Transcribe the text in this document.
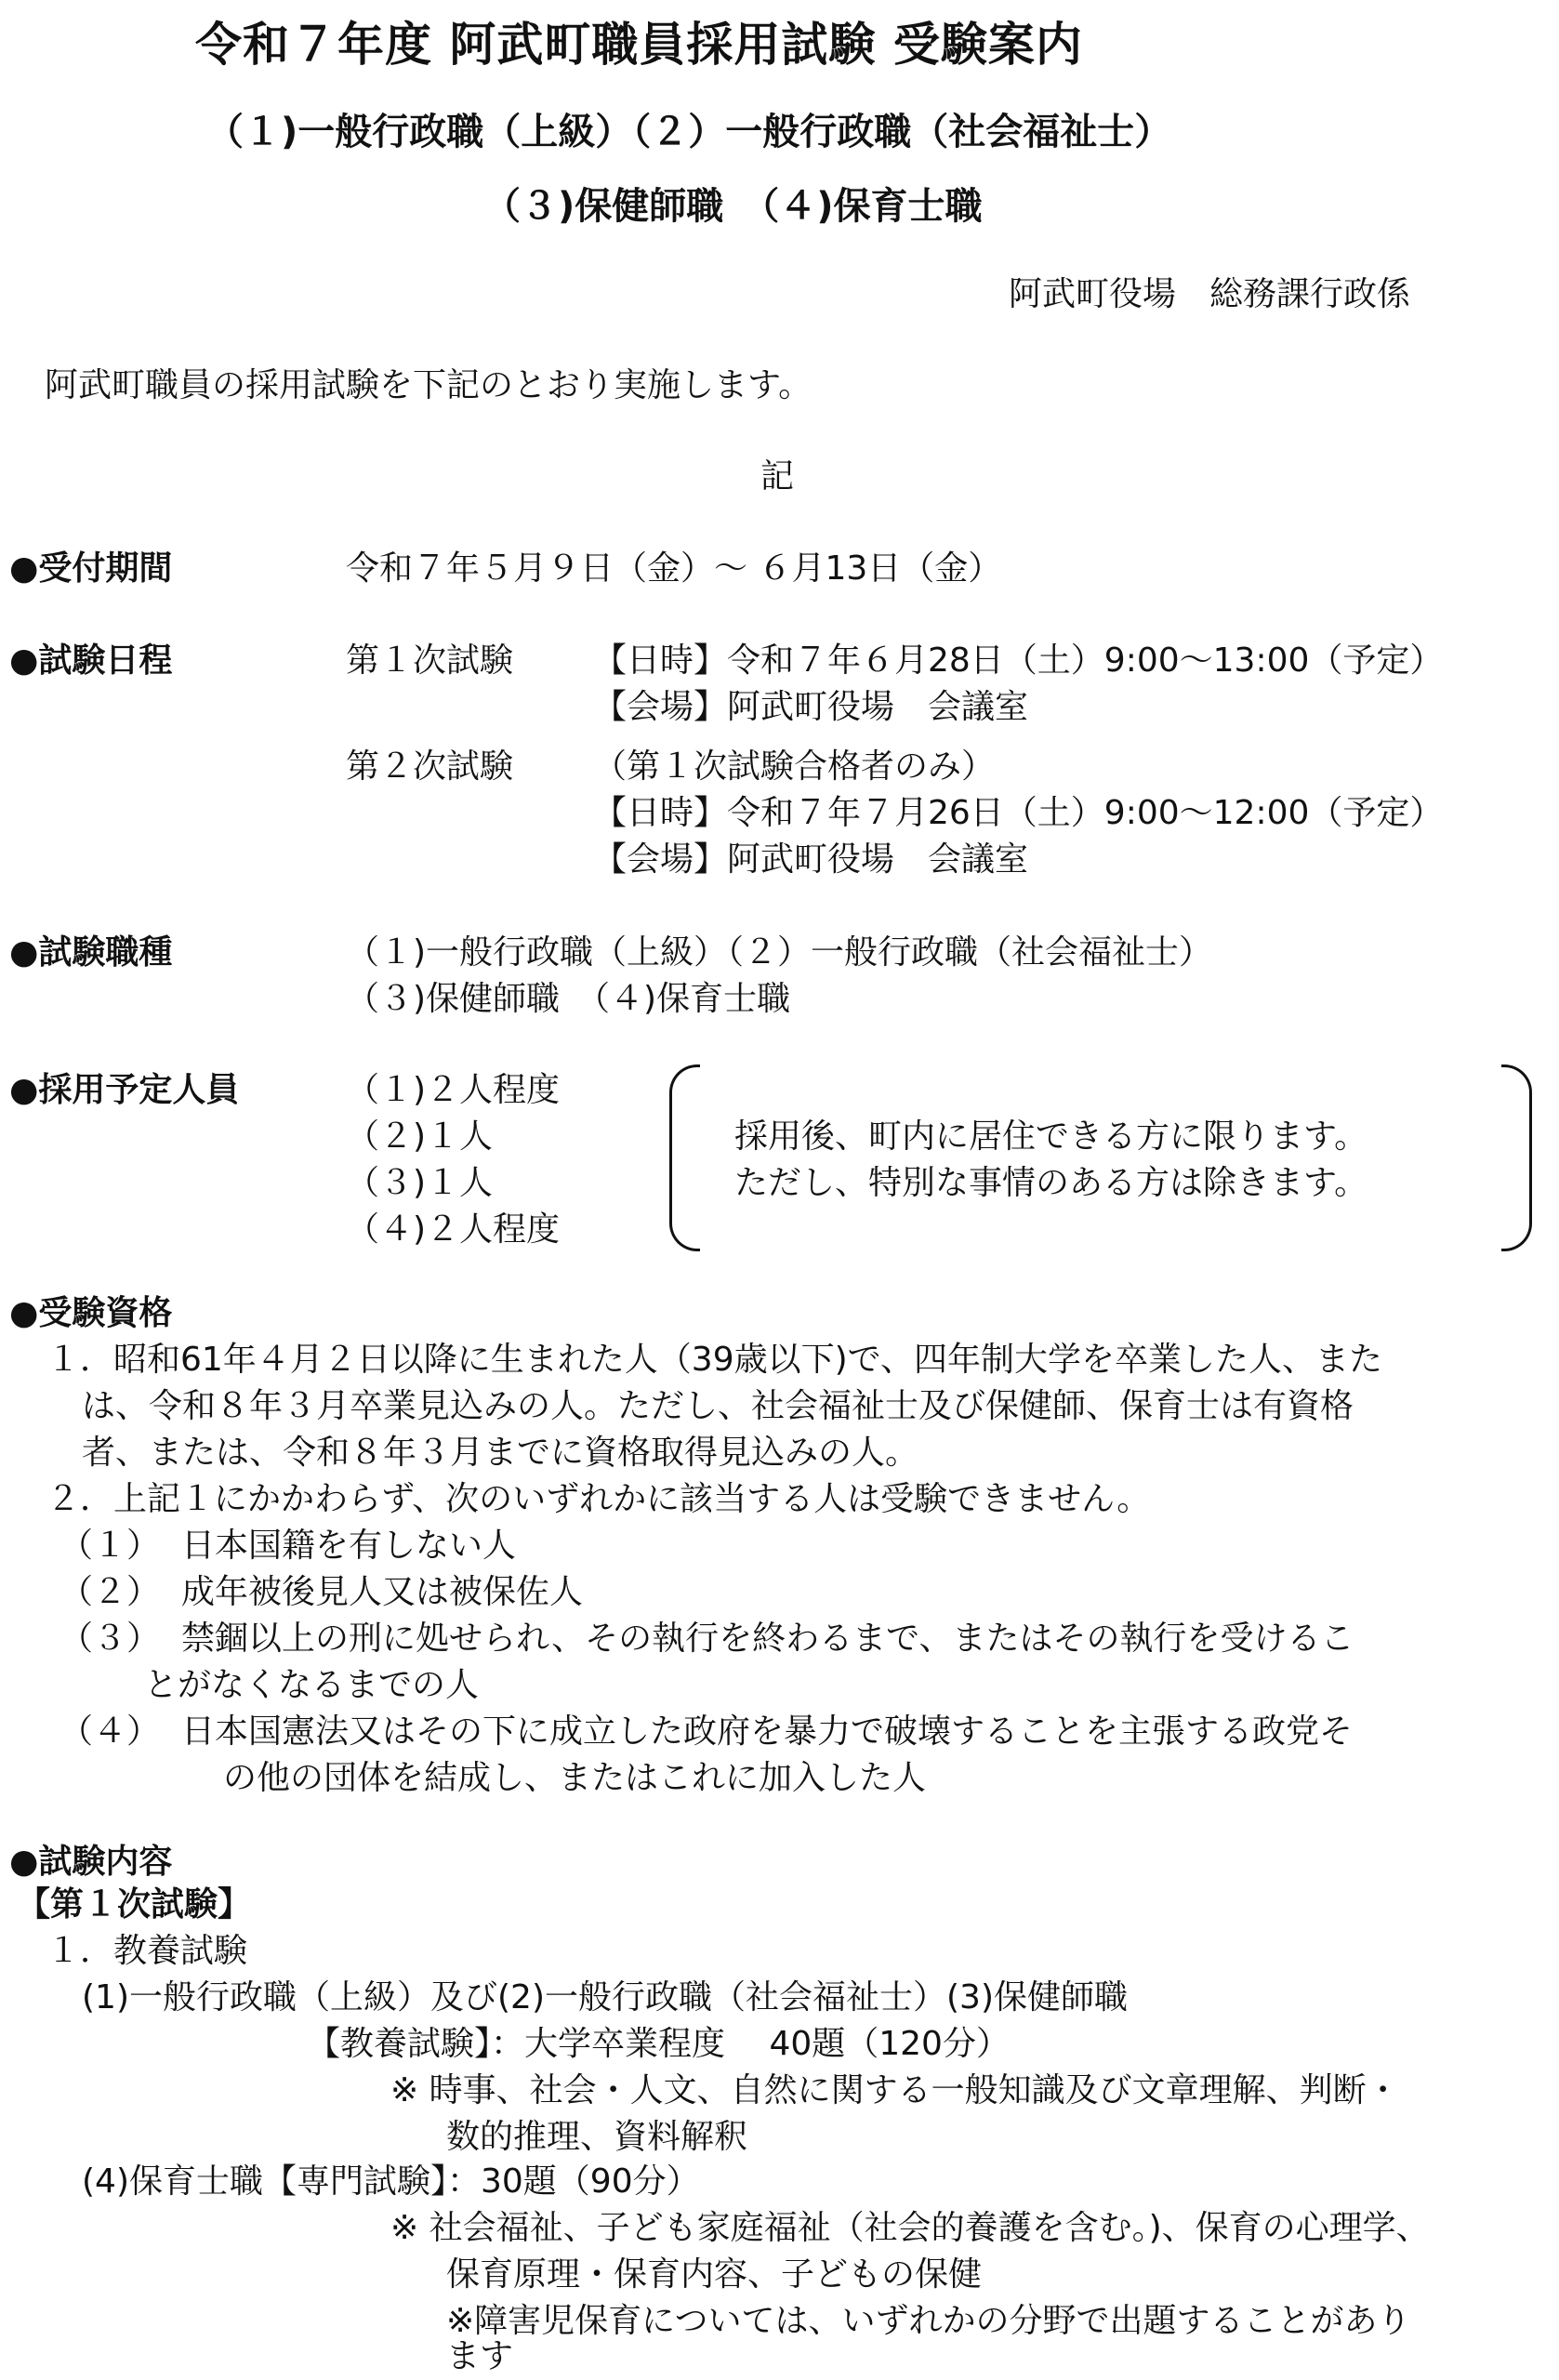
令和７年度 阿武町職員採用試験 受験案内
（１)一般行政職（上級）（２）一般行政職（社会福祉士）
（３)保健師職　（４)保育士職
阿武町役場　総務課行政係
阿武町職員の採用試験を下記のとおり実施します。
記
●受付期間	令和７年５月９日（金）～ ６月13日（金）
●試験日程	第１次試験 【日時】令和７年６月28日（土）9:00～13:00（予定）
【会場】阿武町役場　会議室
第２次試験 （第１次試験合格者のみ）
【日時】令和７年７月26日（土）9:00～12:00（予定）
【会場】阿武町役場　会議室
●試験職種	（１)一般行政職（上級）（２）一般行政職（社会福祉士）
（３)保健師職　（４)保育士職
●採用予定人員	（１)２人程度
（２)１人
（３)１人
（４)２人程度
採用後、町内に居住できる方に限ります。
ただし、特別な事情のある方は除きます。
●受験資格
１．昭和61年４月２日以降に生まれた人（39歳以下)で、四年制大学を卒業した人、また
は、令和８年３月卒業見込みの人。ただし、社会福祉士及び保健師、保育士は有資格
者、または、令和８年３月までに資格取得見込みの人。
２．上記１にかかわらず、次のいずれかに該当する人は受験できません。
（１） 日本国籍を有しない人
（２） 成年被後見人又は被保佐人
（３） 禁錮以上の刑に処せられ、その執行を終わるまで、またはその執行を受けるこ
とがなくなるまでの人
（４） 日本国憲法又はその下に成立した政府を暴力で破壊することを主張する政党そ
の他の団体を結成し、またはこれに加入した人
●試験内容
【第１次試験】
１．教養試験
(1)一般行政職（上級）及び(2)一般行政職（社会福祉士）(3)保健師職
【教養試験】：大学卒業程度　 40題（120分）
※ 時事、社会・人文、自然に関する一般知識及び文章理解、判断・
数的推理、資料解釈
(4)保育士職【専門試験】：30題（90分）
※ 社会福祉、子ども家庭福祉（社会的養護を含む。)、保育の心理学、
保育原理・保育内容、子どもの保健
※障害児保育については、いずれかの分野で出題することがあり
ます
